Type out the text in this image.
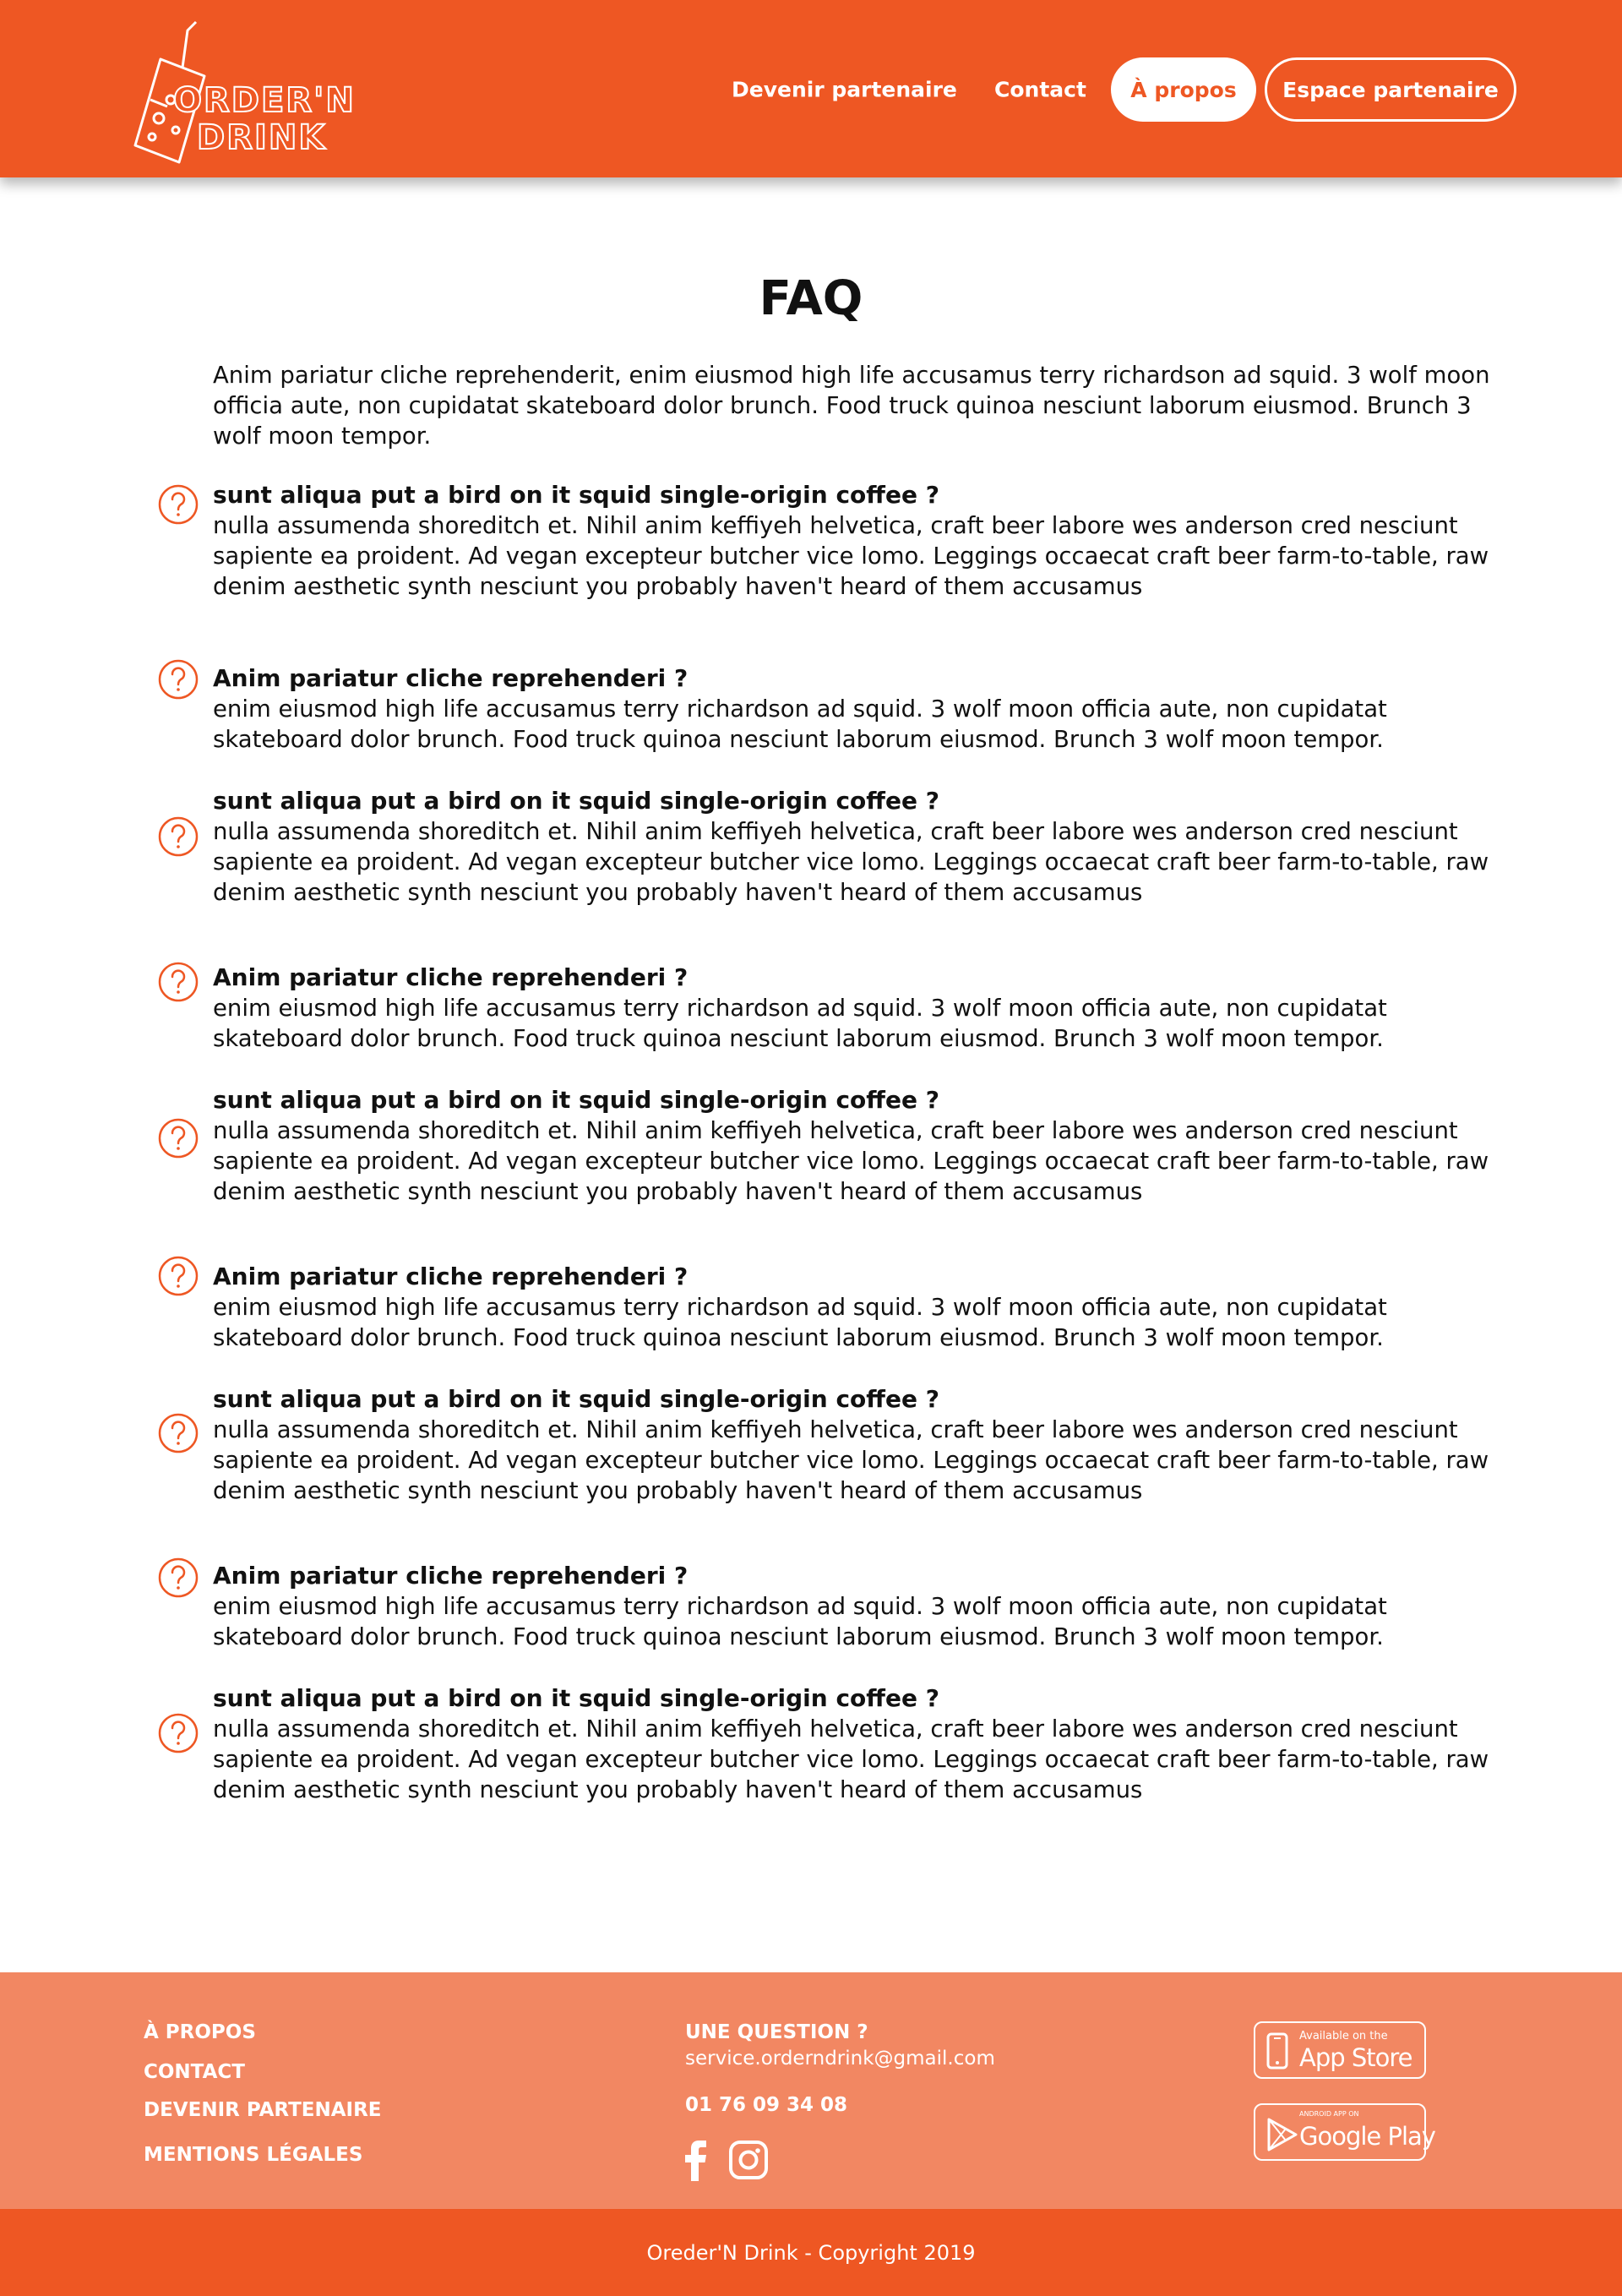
ORDER'N
DRINK
Devenir partenaire Contact	À propos	Espace partenaire
FAQ

Anim pariatur cliche reprehenderit, enim eiusmod high life accusamus terry richardson ad squid. 3 wolf moon officia aute, non cupidatat skateboard dolor brunch. Food truck quinoa nesciunt laborum eiusmod. Brunch 3 wolf moon tempor.

sunt aliqua put a bird on it squid single-origin coffee ?

nulla assumenda shoreditch et. Nihil anim keffiyeh helvetica, craft beer labore wes anderson cred nesciunt sapiente ea proident. Ad vegan excepteur butcher vice lomo. Leggings occaecat craft beer farm-to-table, raw denim aesthetic synth nesciunt you probably haven't heard of them accusamus

Anim pariatur cliche reprehenderi ?

enim eiusmod high life accusamus terry richardson ad squid. 3 wolf moon officia aute, non cupidatat skateboard dolor brunch. Food truck quinoa nesciunt laborum eiusmod. Brunch 3 wolf moon tempor.

sunt aliqua put a bird on it squid single-origin coffee ?

nulla assumenda shoreditch et. Nihil anim keffiyeh helvetica, craft beer labore wes anderson cred nesciunt sapiente ea proident. Ad vegan excepteur butcher vice lomo. Leggings occaecat craft beer farm-to-table, raw denim aesthetic synth nesciunt you probably haven't heard of them accusamus

Anim pariatur cliche reprehenderi ?

enim eiusmod high life accusamus terry richardson ad squid. 3 wolf moon officia aute, non cupidatat skateboard dolor brunch. Food truck quinoa nesciunt laborum eiusmod. Brunch 3 wolf moon tempor.

sunt aliqua put a bird on it squid single-origin coffee ?

nulla assumenda shoreditch et. Nihil anim keffiyeh helvetica, craft beer labore wes anderson cred nesciunt sapiente ea proident. Ad vegan excepteur butcher vice lomo. Leggings occaecat craft beer farm-to-table, raw denim aesthetic synth nesciunt you probably haven't heard of them accusamus

Anim pariatur cliche reprehenderi ?

enim eiusmod high life accusamus terry richardson ad squid. 3 wolf moon officia aute, non cupidatat skateboard dolor brunch. Food truck quinoa nesciunt laborum eiusmod. Brunch 3 wolf moon tempor.

sunt aliqua put a bird on it squid single-origin coffee ?

nulla assumenda shoreditch et. Nihil anim keffiyeh helvetica, craft beer labore wes anderson cred nesciunt sapiente ea proident. Ad vegan excepteur butcher vice lomo. Leggings occaecat craft beer farm-to-table, raw denim aesthetic synth nesciunt you probably haven't heard of them accusamus

Anim pariatur cliche reprehenderi ?

enim eiusmod high life accusamus terry richardson ad squid. 3 wolf moon officia aute, non cupidatat skateboard dolor brunch. Food truck quinoa nesciunt laborum eiusmod. Brunch 3 wolf moon tempor.

sunt aliqua put a bird on it squid single-origin coffee ?

nulla assumenda shoreditch et. Nihil anim keffiyeh helvetica, craft beer labore wes anderson cred nesciunt sapiente ea proident. Ad vegan excepteur butcher vice lomo. Leggings occaecat craft beer farm-to-table, raw denim aesthetic synth nesciunt you probably haven't heard of them accusamus

À PROPOS
CONTACT
DEVENIR PARTENAIRE
MENTIONS LÉGALES
UNE QUESTION ?
service.orderndrink@gmail.com
01 76 09 34 08
Available on the
App Store
ANDROID APP ON
Google Play
Oreder'N Drink - Copyright 2019
